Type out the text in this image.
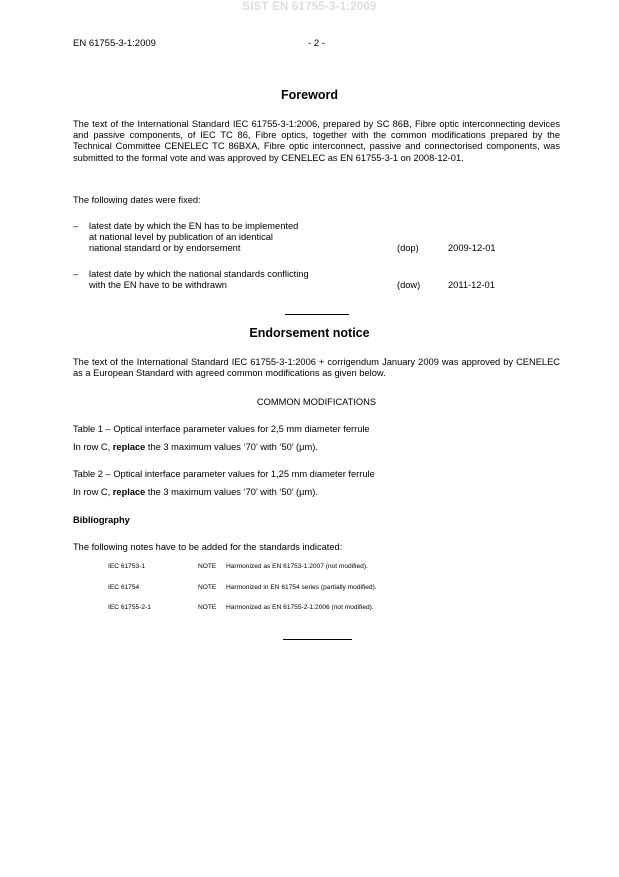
SIST EN 61755-3-1:2009
EN 61755-3-1:2009	- 2 -
Foreword
The text of the International Standard IEC 61755-3-1:2006, prepared by SC 86B, Fibre optic interconnecting devices and passive components, of IEC TC 86, Fibre optics, together with the common modifications prepared by the Technical Committee CENELEC TC 86BXA, Fibre optic interconnect, passive and connectorised components, was submitted to the formal vote and was approved by CENELEC as EN 61755-3-1 on 2008-12-01.
The following dates were fixed:
– latest date by which the EN has to be implemented
at national level by publication of an identical
national standard or by endorsement	(dop)	2009-12-01
– latest date by which the national standards conflicting
with the EN have to be withdrawn	(dow)	2011-12-01
Endorsement notice
The text of the International Standard IEC 61755-3-1:2006 + corrigendum January 2009 was approved by CENELEC as a European Standard with agreed common modifications as given below.
COMMON MODIFICATIONS
Table 1 – Optical interface parameter values for 2,5 mm diameter ferrule
In row C, replace the 3 maximum values ‘70’ with ‘50’ (µm).
Table 2 – Optical interface parameter values for 1,25 mm diameter ferrule
In row C, replace the 3 maximum values ‘70’ with ‘50’ (µm).
Bibliography
The following notes have to be added for the standards indicated:
IEC 61753-1	NOTE Harmonized as EN 61753-1:2007 (not modified).
IEC 61754	NOTE Harmonized in EN 61754 series (partially modified).
IEC 61755-2-1	NOTE Harmonized as EN 61755-2-1:2006 (not modified).
